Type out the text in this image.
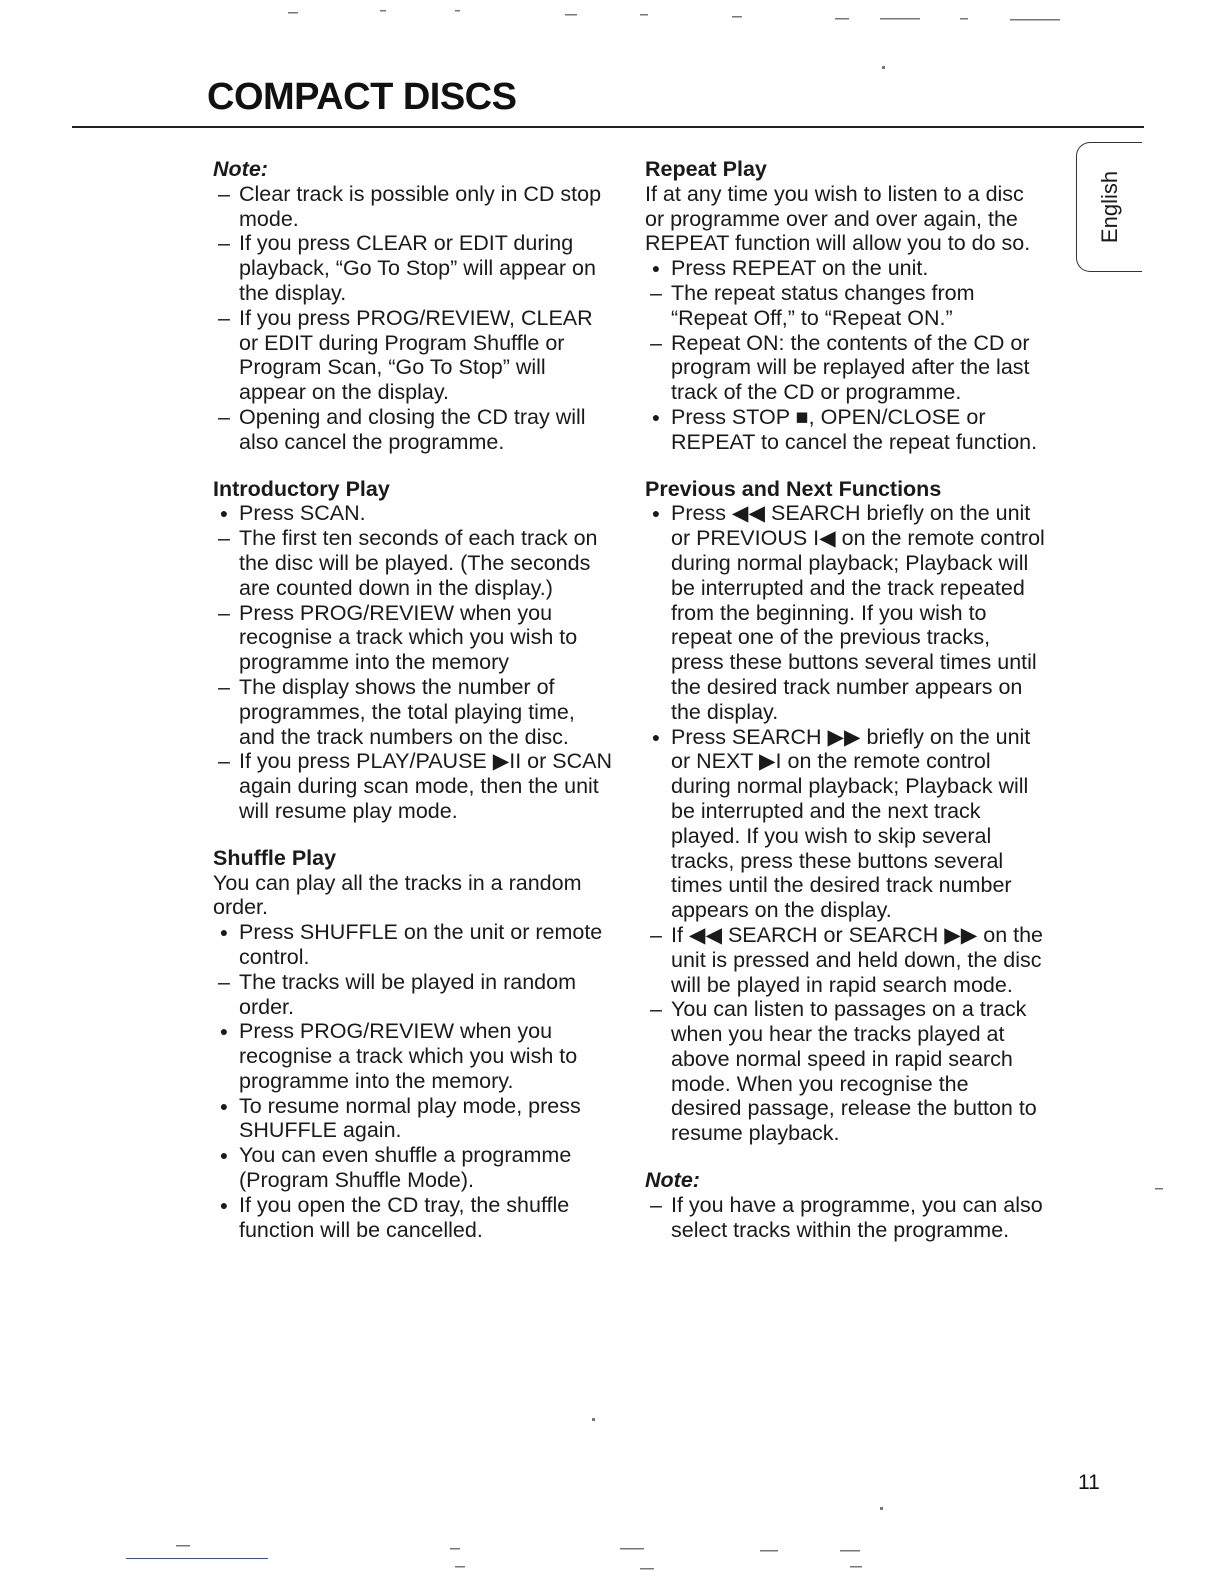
COMPACT DISCS
English

Note:

– Clear track is possible only in CD stop mode.
– If you press CLEAR or EDIT during playback, “Go To Stop” will appear on the display.
– If you press PROG/REVIEW, CLEAR or EDIT during Program Shuffle or Program Scan, “Go To Stop” will appear on the display.
– Opening and closing the CD tray will also cancel the programme.

Introductory Play

● Press SCAN.
– The first ten seconds of each track on the disc will be played. (The seconds are counted down in the display.)
– Press PROG/REVIEW when you recognise a track which you wish to programme into the memory
– The display shows the number of programmes, the total playing time, and the track numbers on the disc.
– If you press PLAY/PAUSE ▶II or SCAN again during scan mode, then the unit will resume play mode.

Shuffle Play

You can play all the tracks in a random order.

● Press SHUFFLE on the unit or remote control.
– The tracks will be played in random order.
● Press PROG/REVIEW when you recognise a track which you wish to programme into the memory.
● To resume normal play mode, press SHUFFLE again.
● You can even shuffle a programme (Program Shuffle Mode).
● If you open the CD tray, the shuffle function will be cancelled.

Repeat Play

If at any time you wish to listen to a disc or programme over and over again, the REPEAT function will allow you to do so.

● Press REPEAT on the unit.
– The repeat status changes from “Repeat Off,” to “Repeat ON.”
– Repeat ON: the contents of the CD or program will be replayed after the last track of the CD or programme.
● Press STOP ■, OPEN/CLOSE or REPEAT to cancel the repeat function.

Previous and Next Functions

● Press ◀◀ SEARCH briefly on the unit or PREVIOUS I◀ on the remote control during normal playback; Playback will be interrupted and the track repeated from the beginning. If you wish to repeat one of the previous tracks, press these buttons several times until the desired track number appears on the display.
● Press SEARCH ▶▶ briefly on the unit or NEXT ▶I on the remote control during normal playback; Playback will be interrupted and the next track played. If you wish to skip several tracks, press these buttons several times until the desired track number appears on the display.
– If ◀◀ SEARCH or SEARCH ▶▶ on the unit is pressed and held down, the disc will be played in rapid search mode.
– You can listen to passages on a track when you hear the tracks played at above normal speed in rapid search mode. When you recognise the desired passage, release the button to resume playback.

Note:

– If you have a programme, you can also select tracks within the programme.
11
